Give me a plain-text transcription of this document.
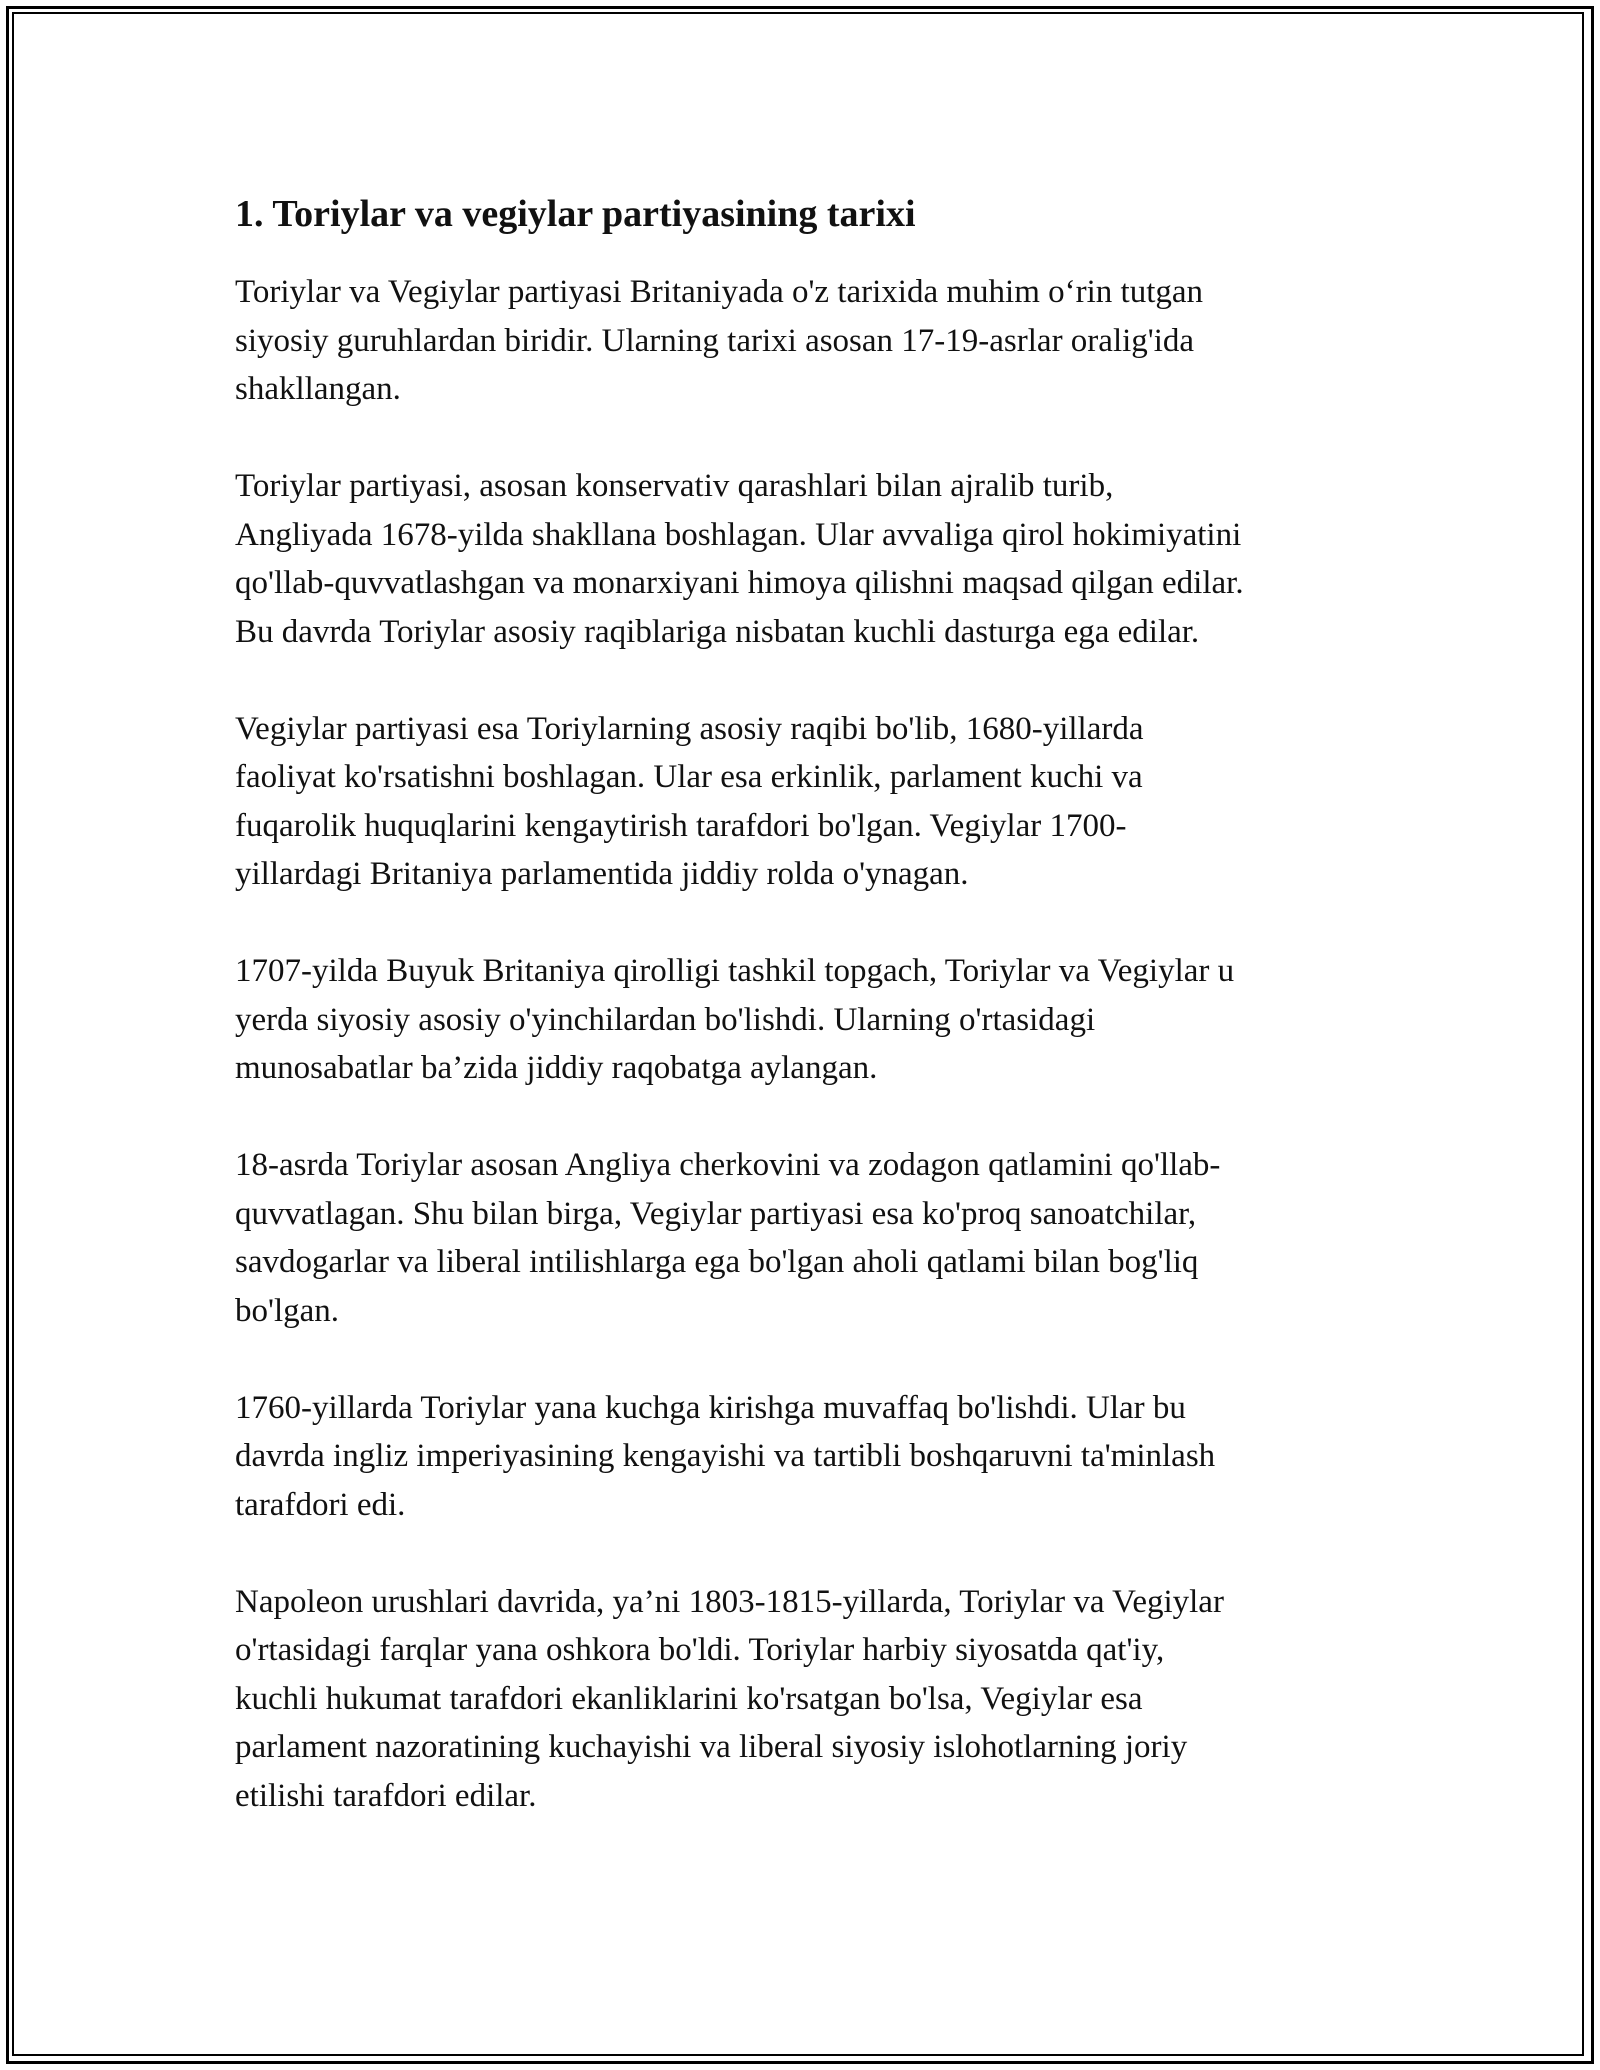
1. Toriylar va vegiylar partiyasining tarixi

Toriylar va Vegiylar partiyasi Britaniyada o'z tarixida muhim oʻrin tutgan
siyosiy guruhlardan biridir. Ularning tarixi asosan 17-19-asrlar oralig'ida
shakllangan.

Toriylar partiyasi, asosan konservativ qarashlari bilan ajralib turib,
Angliyada 1678-yilda shakllana boshlagan. Ular avvaliga qirol hokimiyatini
qo'llab-quvvatlashgan va monarxiyani himoya qilishni maqsad qilgan edilar.
Bu davrda Toriylar asosiy raqiblariga nisbatan kuchli dasturga ega edilar.

Vegiylar partiyasi esa Toriylarning asosiy raqibi bo'lib, 1680-yillarda
faoliyat ko'rsatishni boshlagan. Ular esa erkinlik, parlament kuchi va
fuqarolik huquqlarini kengaytirish tarafdori bo'lgan. Vegiylar 1700-
yillardagi Britaniya parlamentida jiddiy rolda o'ynagan.

1707-yilda Buyuk Britaniya qirolligi tashkil topgach, Toriylar va Vegiylar u
yerda siyosiy asosiy o'yinchilardan bo'lishdi. Ularning o'rtasidagi
munosabatlar ba’zida jiddiy raqobatga aylangan.

18-asrda Toriylar asosan Angliya cherkovini va zodagon qatlamini qo'llab-
quvvatlagan. Shu bilan birga, Vegiylar partiyasi esa ko'proq sanoatchilar,
savdogarlar va liberal intilishlarga ega bo'lgan aholi qatlami bilan bog'liq
bo'lgan.

1760-yillarda Toriylar yana kuchga kirishga muvaffaq bo'lishdi. Ular bu
davrda ingliz imperiyasining kengayishi va tartibli boshqaruvni ta'minlash
tarafdori edi.

Napoleon urushlari davrida, ya’ni 1803-1815-yillarda, Toriylar va Vegiylar
o'rtasidagi farqlar yana oshkora bo'ldi. Toriylar harbiy siyosatda qat'iy,
kuchli hukumat tarafdori ekanliklarini ko'rsatgan bo'lsa, Vegiylar esa
parlament nazoratining kuchayishi va liberal siyosiy islohotlarning joriy
etilishi tarafdori edilar.
